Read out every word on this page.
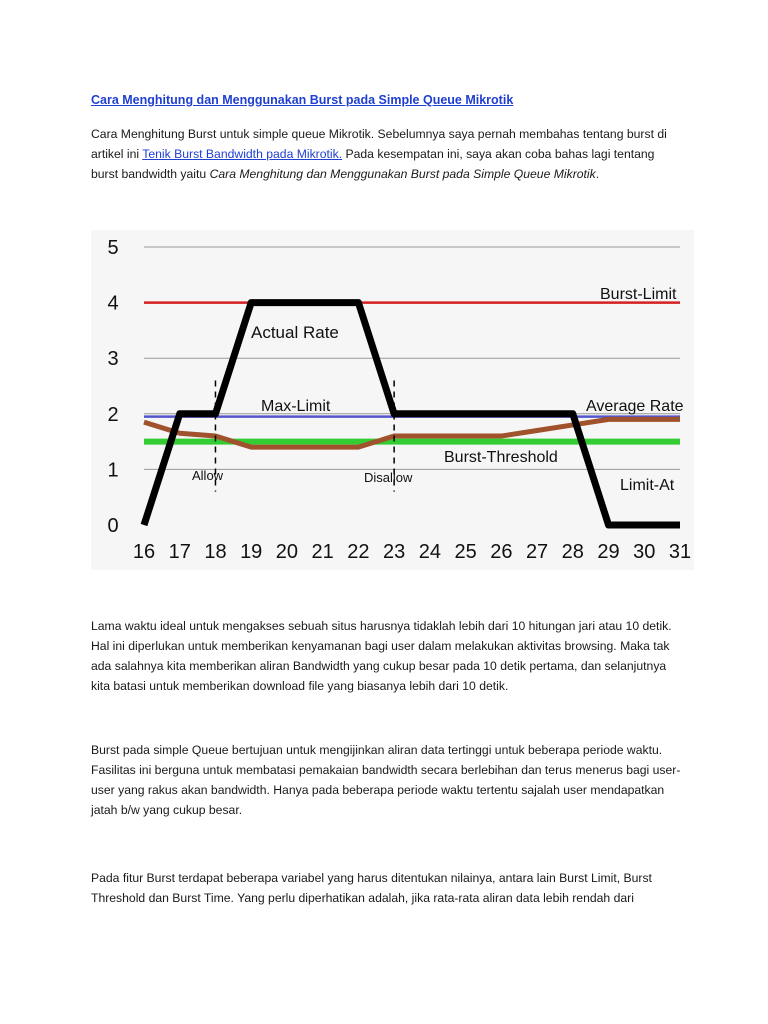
Cara Menghitung dan Menggunakan Burst pada Simple Queue Mikrotik

Cara Menghitung Burst untuk simple queue Mikrotik. Sebelumnya saya pernah membahas tentang burst di artikel ini Tenik Burst Bandwidth pada Mikrotik. Pada kesempatan ini, saya akan coba bahas lagi tentang burst bandwidth yaitu Cara Menghitung dan Menggunakan Burst pada Simple Queue Mikrotik.

Lama waktu ideal untuk mengakses sebuah situs harusnya tidaklah lebih dari 10 hitungan jari atau 10 detik. Hal ini diperlukan untuk memberikan kenyamanan bagi user dalam melakukan aktivitas browsing. Maka tak ada salahnya kita memberikan aliran Bandwidth yang cukup besar pada 10 detik pertama, dan selanjutnya kita batasi untuk memberikan download file yang biasanya lebih dari 10 detik.

Burst pada simple Queue bertujuan untuk mengijinkan aliran data tertinggi untuk beberapa periode waktu. Fasilitas ini berguna untuk membatasi pemakaian bandwidth secara berlebihan dan terus menerus bagi user-user yang rakus akan bandwidth. Hanya pada beberapa periode waktu tertentu sajalah user mendapatkan jatah b/w yang cukup besar.

Pada fitur Burst terdapat beberapa variabel yang harus ditentukan nilainya, antara lain Burst Limit, Burst Threshold dan Burst Time. Yang perlu diperhatikan adalah, jika rata-rata aliran data lebih rendah dari

0
1
2
3
4
5
16 17 18 19 20 21 22 23 24 25 26 27 28 29 30 31
Actual Rate
Max-Limit
Burst-Limit
Average Rate
Burst-Threshold
Limit-At
Allow	Disallow
